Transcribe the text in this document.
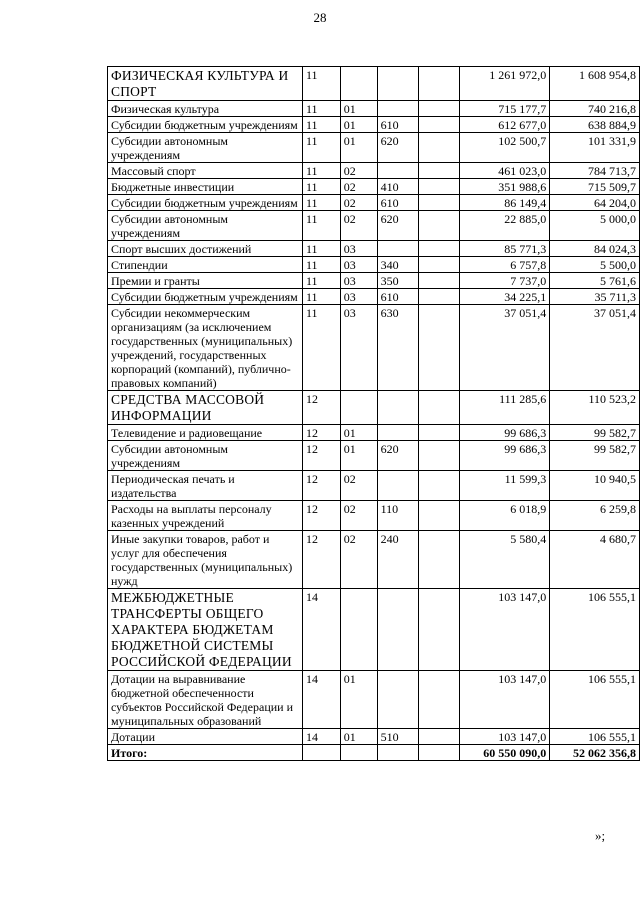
28
ФИЗИЧЕСКАЯ КУЛЬТУРА И СПОРТ	11				1 261 972,0	1 608 954,8
Физическая культура	11	01			715 177,7	740 216,8
Субсидии бюджетным учреждениям	11	01	610		612 677,0	638 884,9
Субсидии автономным учреждениям	11	01	620		102 500,7	101 331,9
Массовый спорт	11	02			461 023,0	784 713,7
Бюджетные инвестиции	11	02	410		351 988,6	715 509,7
Субсидии бюджетным учреждениям	11	02	610		86 149,4	64 204,0
Субсидии автономным учреждениям	11	02	620		22 885,0	5 000,0
Спорт высших достижений	11	03			85 771,3	84 024,3
Стипендии	11	03	340		6 757,8	5 500,0
Премии и гранты	11	03	350		7 737,0	5 761,6
Субсидии бюджетным учреждениям	11	03	610		34 225,1	35 711,3
Субсидии некоммерческим организациям (за исключением государственных (муниципальных) учреждений, государственных корпораций (компаний), публично-правовых компаний)	11	03	630		37 051,4	37 051,4
СРЕДСТВА МАССОВОЙ ИНФОРМАЦИИ	12				111 285,6	110 523,2
Телевидение и радиовещание	12	01			99 686,3	99 582,7
Субсидии автономным учреждениям	12	01	620		99 686,3	99 582,7
Периодическая печать и издательства	12	02			11 599,3	10 940,5
Расходы на выплаты персоналу казенных учреждений	12	02	110		6 018,9	6 259,8
Иные закупки товаров, работ и услуг для обеспечения государственных (муниципальных) нужд	12	02	240		5 580,4	4 680,7
МЕЖБЮДЖЕТНЫЕ ТРАНСФЕРТЫ ОБЩЕГО ХАРАКТЕРА БЮДЖЕТАМ БЮДЖЕТНОЙ СИСТЕМЫ РОССИЙСКОЙ ФЕДЕРАЦИИ	14				103 147,0	106 555,1
Дотации на выравнивание бюджетной обеспеченности субъектов Российской Федерации и муниципальных образований	14	01			103 147,0	106 555,1
Дотации	14	01	510		103 147,0	106 555,1
Итого:					60 550 090,0	52 062 356,8
»;
